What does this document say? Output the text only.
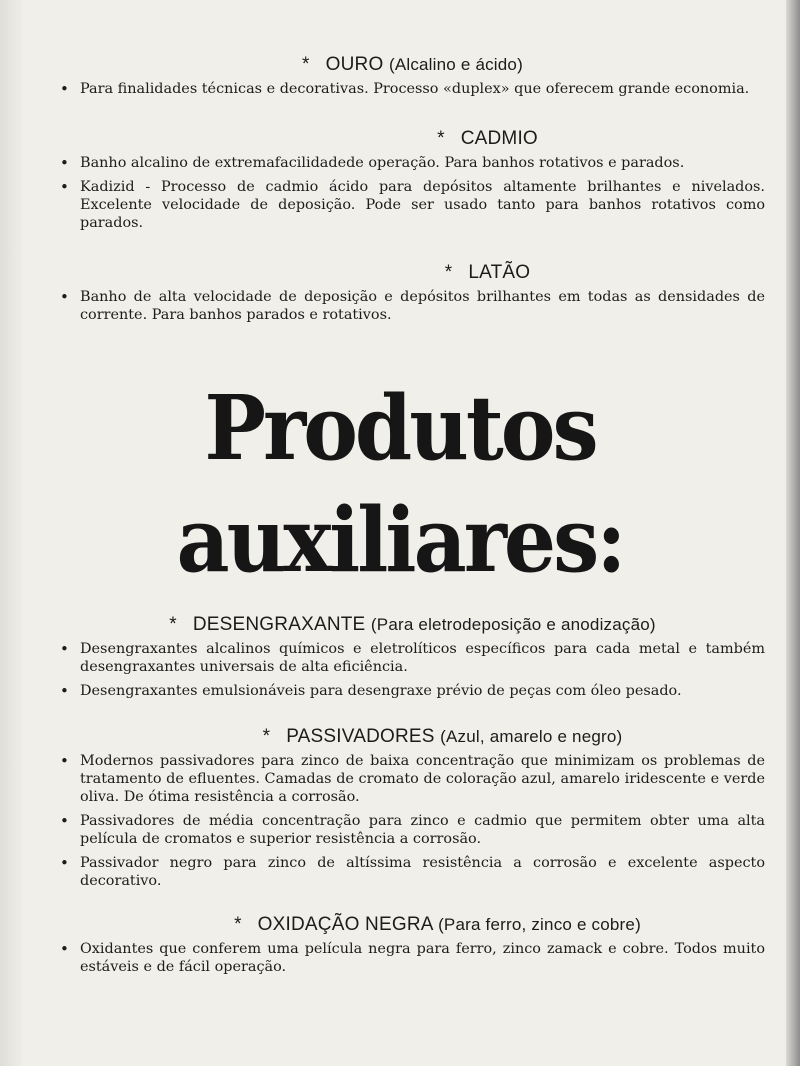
* OURO (Alcalino e ácido)
• Para finalidades técnicas e decorativas. Processo «duplex» que oferecem grande economia.
* CADMIO
• Banho alcalino de extremafacilidadede operação. Para banhos rotativos e parados.
• Kadizid - Processo de cadmio ácido para depósitos altamente brilhantes e nivelados. Excelente velocidade de deposição. Pode ser usado tanto para banhos rotativos como parados.
* LATÃO
• Banho de alta velocidade de deposição e depósitos brilhantes em todas as densidades de corrente. Para banhos parados e rotativos.
Produtos
auxiliares:
* DESENGRAXANTE (Para eletrodeposição e anodização)
• Desengraxantes alcalinos químicos e eletrolíticos específicos para cada metal e também desengraxantes universais de alta eficiência.
• Desengraxantes emulsionáveis para desengraxe prévio de peças com óleo pesado.
* PASSIVADORES (Azul, amarelo e negro)
• Modernos passivadores para zinco de baixa concentração que minimizam os problemas de tratamento de efluentes. Camadas de cromato de coloração azul, amarelo iridescente e verde oliva. De ótima resistência a corrosão.
• Passivadores de média concentração para zinco e cadmio que permitem obter uma alta película de cromatos e superior resistência a corrosão.
• Passivador negro para zinco de altíssima resistência a corrosão e excelente aspecto decorativo.
* OXIDAÇÃO NEGRA (Para ferro, zinco e cobre)
• Oxidantes que conferem uma película negra para ferro, zinco zamack e cobre. Todos muito estáveis e de fácil operação.
